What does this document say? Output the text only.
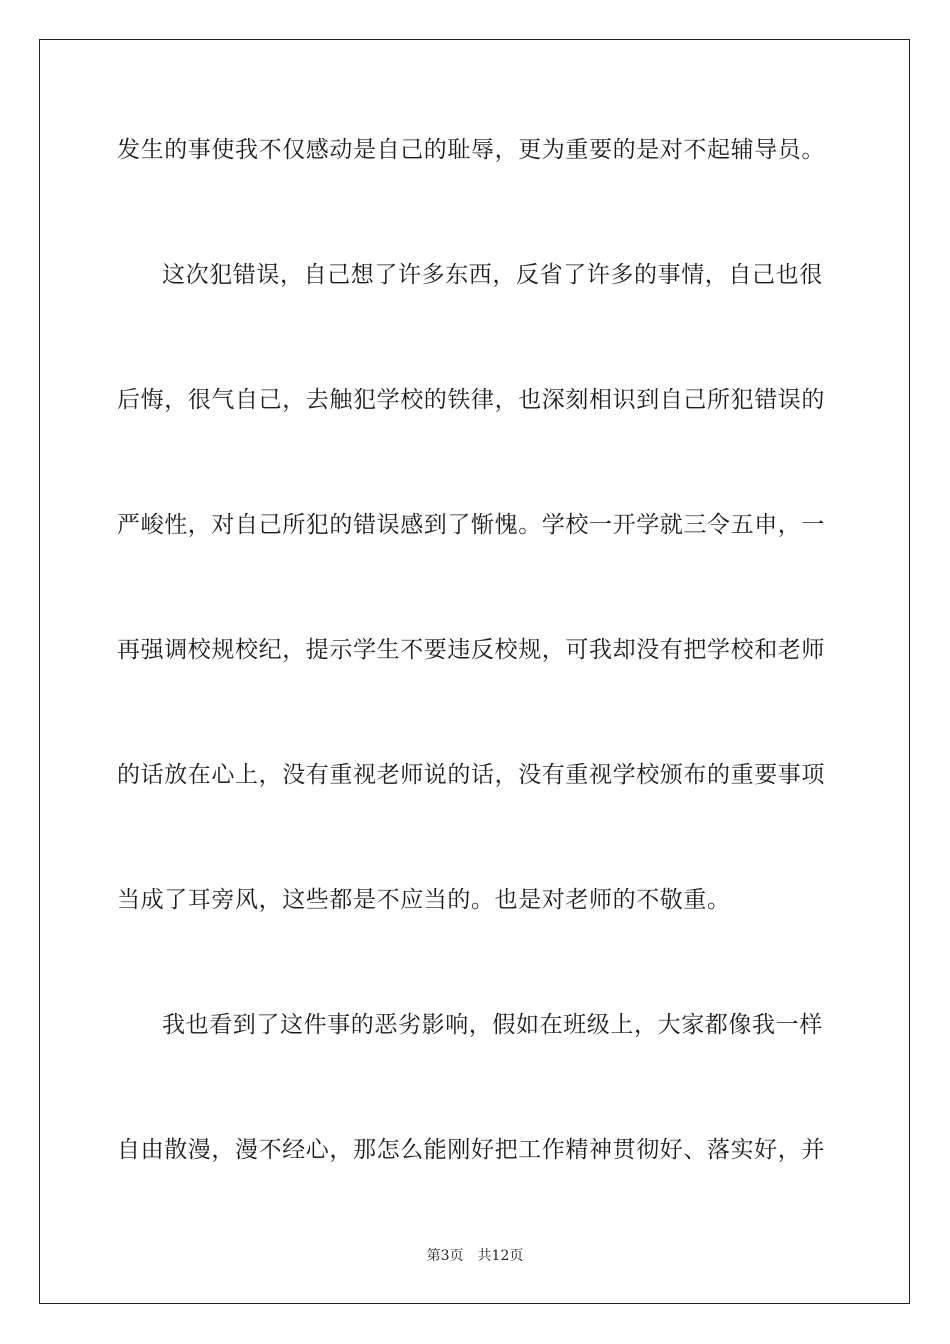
发生的事使我不仅感动是自己的耻辱，更为重要的是对不起辅导员。
这次犯错误，自己想了许多东西，反省了许多的事情，自己也很
后悔，很气自己，去触犯学校的铁律，也深刻相识到自己所犯错误的
严峻性，对自己所犯的错误感到了惭愧。学校一开学就三令五申，一
再强调校规校纪，提示学生不要违反校规，可我却没有把学校和老师
的话放在心上，没有重视老师说的话，没有重视学校颁布的重要事项
当成了耳旁风，这些都是不应当的。也是对老师的不敬重。
我也看到了这件事的恶劣影响，假如在班级上，大家都像我一样
自由散漫，漫不经心，那怎么能刚好把工作精神贯彻好、落实好，并
第3页 共12页
